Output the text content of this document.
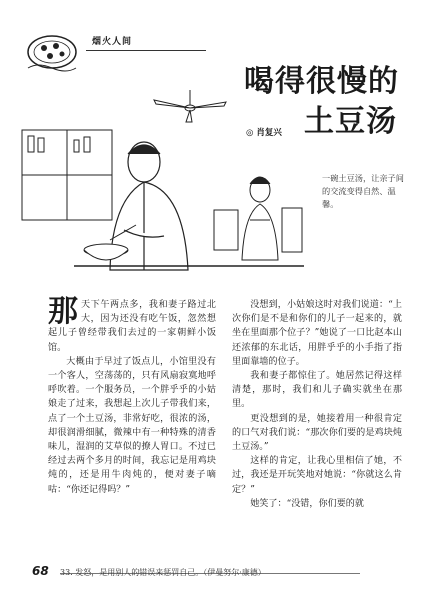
烟火人间
喝得很慢的
土豆汤
◎ 肖复兴
一碗土豆汤，让亲子间的交流变得自然、温馨。

那天下午两点多，我和妻子路过北大，因为还没有吃午饭，忽然想起儿子曾经带我们去过的一家朝鲜小饭馆。

大概由于早过了饭点儿，小馆里没有一个客人，空荡荡的，只有风扇寂寞地呼呼吹着。一个服务员，一个胖乎乎的小姑娘走了过来，我想起上次儿子带我们来，点了一个土豆汤，非常好吃，很浓的汤，却很润滑细腻，微辣中有一种特殊的清香味儿，湿润的艾草似的撩人胃口。不过已经过去两个多月的时间，我忘记是用鸡块炖的，还是用牛肉炖的，便对妻子嘀咕：“你还记得吗？”

没想到，小姑娘这时对我们说道：“上次你们是不是和你们的儿子一起来的，就坐在里面那个位子？”她说了一口比赵本山还浓郁的东北话，用胖乎乎的小手指了指里面靠墙的位子。

我和妻子都惊住了。她居然记得这样清楚，那时，我们和儿子确实就坐在那里。

更没想到的是，她接着用一种很肯定的口气对我们说：“那次你们要的是鸡块炖土豆汤。”

这样的肯定，让我心里相信了她，不过，我还是开玩笑地对她说：“你就这么肯定？”

她笑了：“没错，你们要的就

68 33. 发怒，是用别人的错误来惩罚自己。（伊曼努尔·康德）
